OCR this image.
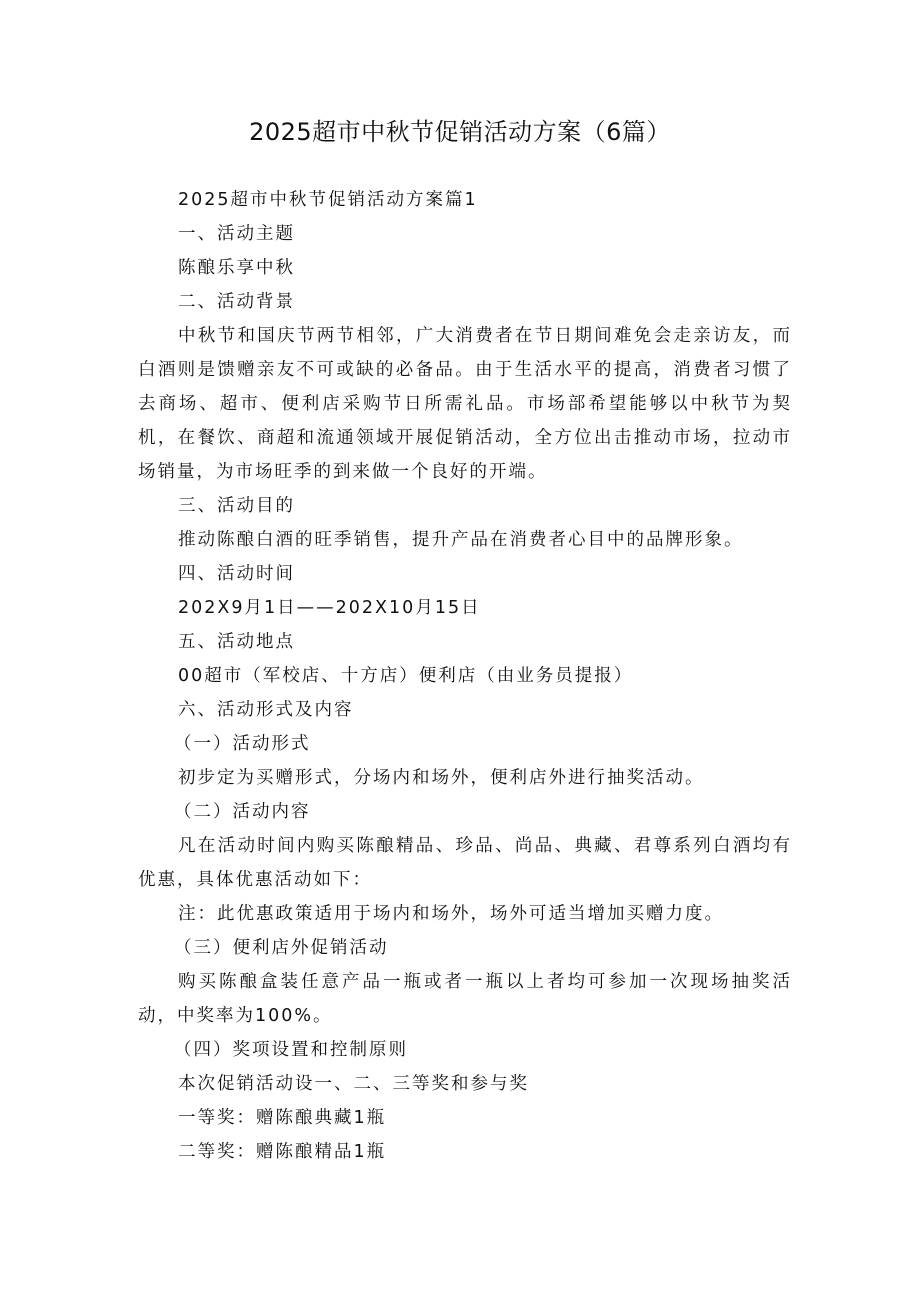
2025超市中秋节促销活动方案（6篇）

2025超市中秋节促销活动方案篇1

一、活动主题

陈酿乐享中秋

二、活动背景

中秋节和国庆节两节相邻，广大消费者在节日期间难免会走亲访友，而白酒则是馈赠亲友不可或缺的必备品。由于生活水平的提高，消费者习惯了去商场、超市、便利店采购节日所需礼品。市场部希望能够以中秋节为契机，在餐饮、商超和流通领域开展促销活动，全方位出击推动市场，拉动市场销量，为市场旺季的到来做一个良好的开端。

三、活动目的

推动陈酿白酒的旺季销售，提升产品在消费者心目中的品牌形象。

四、活动时间

202X9月1日——202X10月15日

五、活动地点

00超市（军校店、十方店）便利店（由业务员提报）

六、活动形式及内容

（一）活动形式

初步定为买赠形式，分场内和场外，便利店外进行抽奖活动。

（二）活动内容

凡在活动时间内购买陈酿精品、珍品、尚品、典藏、君尊系列白酒均有优惠，具体优惠活动如下：

注：此优惠政策适用于场内和场外，场外可适当增加买赠力度。

（三）便利店外促销活动

购买陈酿盒装任意产品一瓶或者一瓶以上者均可参加一次现场抽奖活动，中奖率为100%。

（四）奖项设置和控制原则

本次促销活动设一、二、三等奖和参与奖

一等奖：赠陈酿典藏1瓶

二等奖：赠陈酿精品1瓶
